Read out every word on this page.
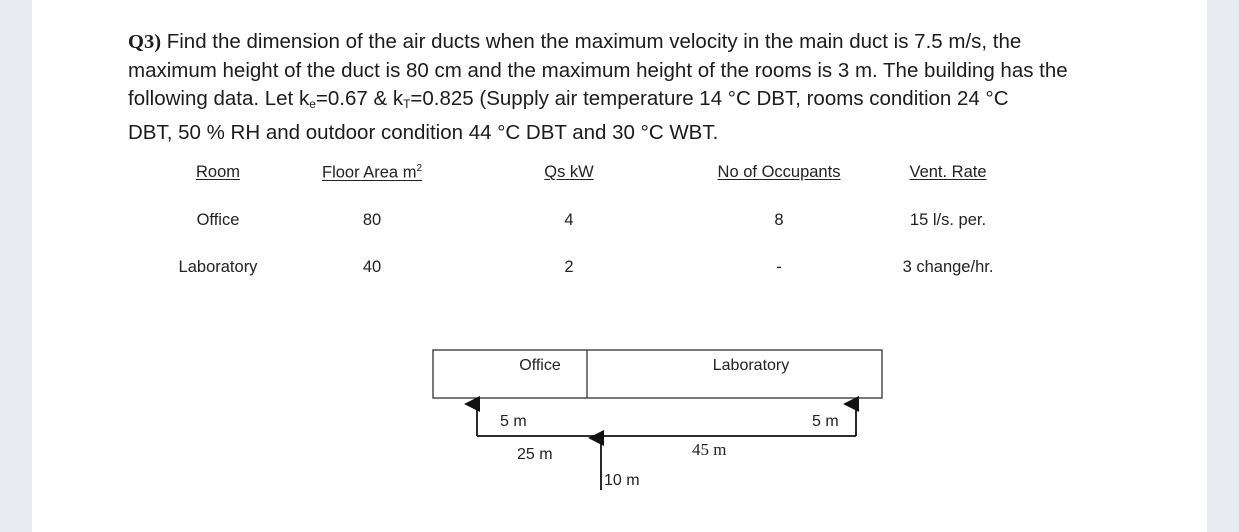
Q3) Find the dimension of the air ducts when the maximum velocity in the main duct is 7.5 m/s, the
maximum height of the duct is 80 cm and the maximum height of the rooms is 3 m. The building has the
following data. Let $k_e=0.67$ & $k_T=0.825$ (Supply air temperature 14 °C DBT, rooms condition 24 °C
DBT, 50 % RH and outdoor condition 44 °C DBT and 30 °C WBT.
Room	Floor Area $m^2$	Qs kW	No of Occupants	Vent. Rate
Office	80	4	8	15 l/s. per.
Laboratory	40	2	-	3 change/hr.
Office	Laboratory
5 m	5 m
25 m	45 m
10 m
